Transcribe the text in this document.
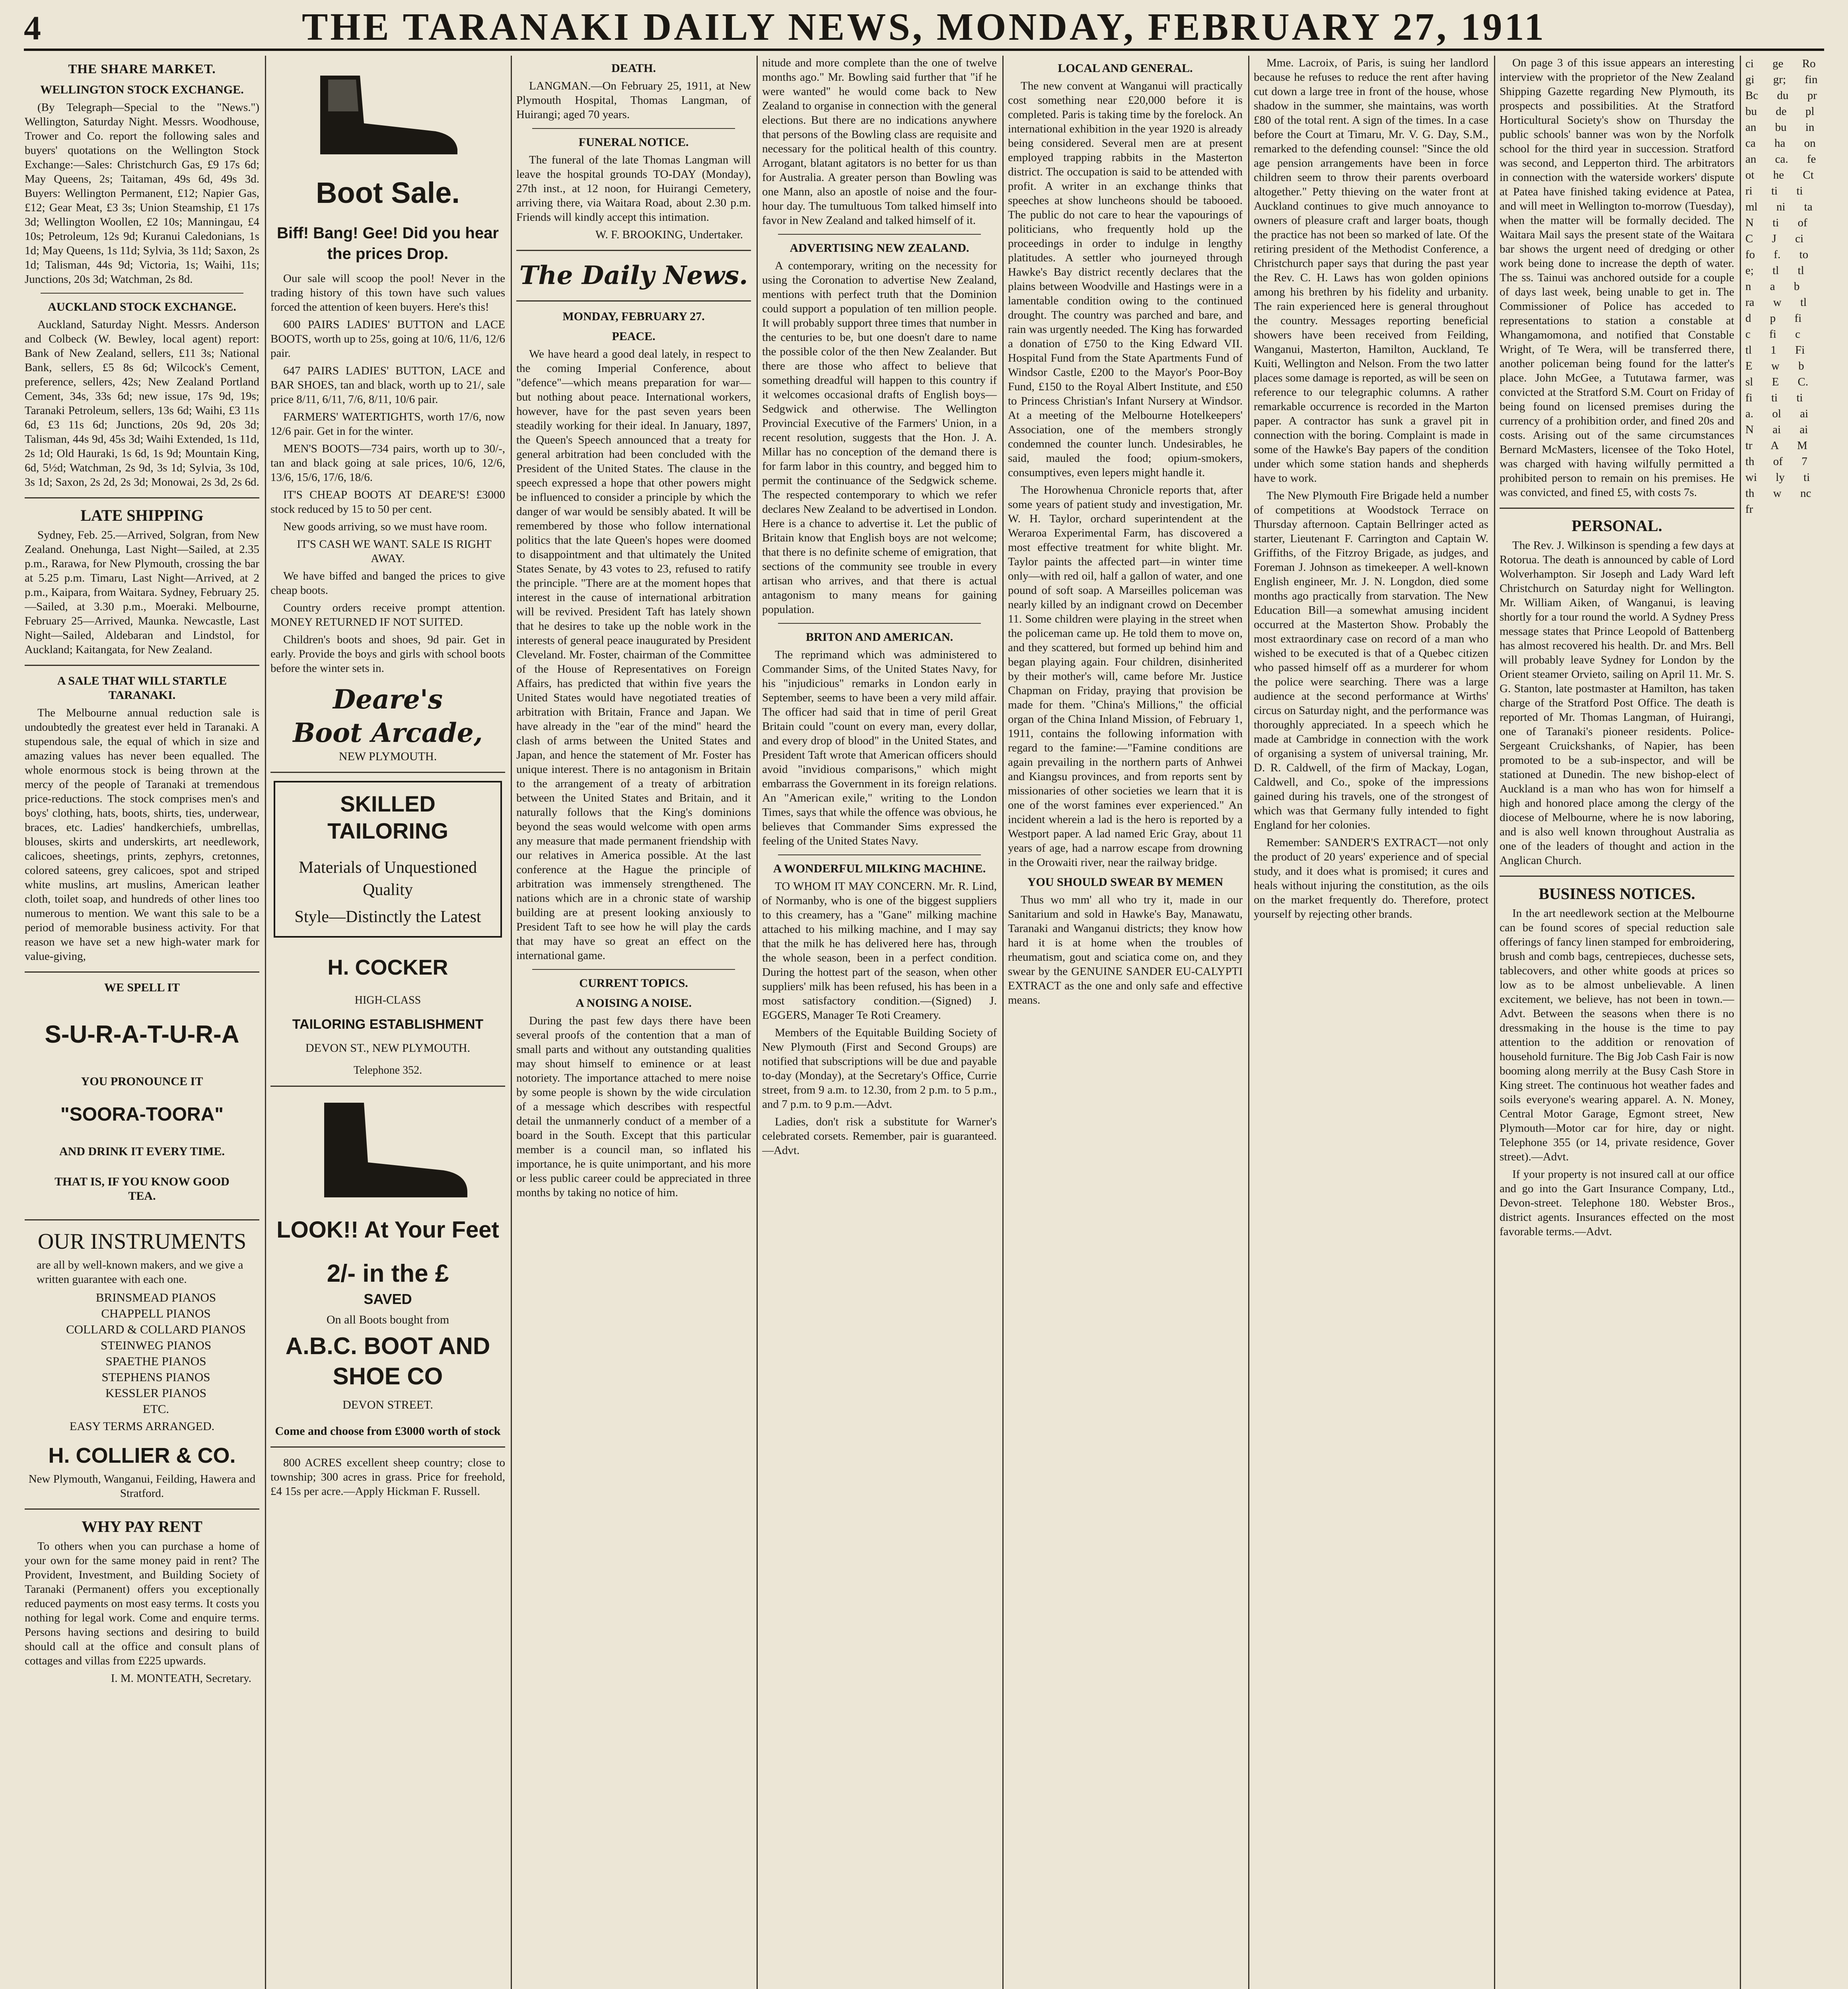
4	THE TARANAKI DAILY NEWS, MONDAY, FEBRUARY 27, 1911
THE SHARE MARKET.
WELLINGTON STOCK EXCHANGE.

(By Telegraph—Special to the "News.") Wellington, Saturday Night. Messrs. Woodhouse, Trower and Co. report the following sales and buyers' quotations on the Wellington Stock Exchange:—Sales: Christchurch Gas, £9 17s 6d; May Queens, 2s; Taitaman, 49s 6d, 49s 3d. Buyers: Wellington Permanent, £12; Napier Gas, £12; Gear Meat, £3 3s; Union Steamship, £1 17s 3d; Wellington Woollen, £2 10s; Manningau, £4 10s; Petroleum, 12s 9d; Kuranui Caledonians, 1s 1d; May Queens, 1s 11d; Sylvia, 3s 11d; Saxon, 2s 1d; Talisman, 44s 9d; Victoria, 1s; Waihi, 11s; Junctions, 20s 3d; Watchman, 2s 8d.

AUCKLAND STOCK EXCHANGE.

Auckland, Saturday Night. Messrs. Anderson and Colbeck (W. Bewley, local agent) report: Bank of New Zealand, sellers, £11 3s; National Bank, sellers, £5 8s 6d; Wilcock's Cement, preference, sellers, 42s; New Zealand Portland Cement, 34s, 33s 6d; new issue, 17s 9d, 19s; Taranaki Petroleum, sellers, 13s 6d; Waihi, £3 11s 6d, £3 11s 6d; Junctions, 20s 9d, 20s 3d; Talisman, 44s 9d, 45s 3d; Waihi Extended, 1s 11d, 2s 1d; Old Hauraki, 1s 6d, 1s 9d; Mountain King, 6d, 5½d; Watchman, 2s 9d, 3s 1d; Sylvia, 3s 10d, 3s 1d; Saxon, 2s 2d, 2s 3d; Monowai, 2s 3d, 2s 6d.

LATE SHIPPING

Sydney, Feb. 25.—Arrived, Solgran, from New Zealand. Onehunga, Last Night—Sailed, at 2.35 p.m., Rarawa, for New Plymouth, crossing the bar at 5.25 p.m. Timaru, Last Night—Arrived, at 2 p.m., Kaipara, from Waitara. Sydney, February 25.—Sailed, at 3.30 p.m., Moeraki. Melbourne, February 25—Arrived, Maunka. Newcastle, Last Night—Sailed, Aldebaran and Lindstol, for Auckland; Kaitangata, for New Zealand.

A SALE THAT WILL STARTLE TARANAKI.

The Melbourne annual reduction sale is undoubtedly the greatest ever held in Taranaki. A stupendous sale, the equal of which in size and amazing values has never been equalled. The whole enormous stock is being thrown at the mercy of the people of Taranaki at tremendous price-reductions. The stock comprises men's and boys' clothing, hats, boots, shirts, ties, underwear, braces, etc. Ladies' handkerchiefs, umbrellas, blouses, skirts and underskirts, art needlework, calicoes, sheetings, prints, zephyrs, cretonnes, colored sateens, grey calicoes, spot and striped white muslins, art muslins, American leather cloth, toilet soap, and hundreds of other lines too numerous to mention. We want this sale to be a period of memorable business activity. For that reason we have set a new high-water mark for value-giving,

WE SPELL IT
S-U-R-A-T-U-R-A
YOU PRONOUNCE IT
"SOORA-TOORA"
AND DRINK IT EVERY TIME.
THAT IS, IF YOU KNOW GOOD TEA.
OUR INSTRUMENTS

are all by well-known makers, and we give a written guarantee with each one.

BRINSMEAD PIANOS
CHAPPELL PIANOS
COLLARD & COLLARD PIANOS
STEINWEG PIANOS
SPAETHE PIANOS
STEPHENS PIANOS
KESSLER PIANOS
ETC.
EASY TERMS ARRANGED.
H. COLLIER & CO.
New Plymouth, Wanganui, Feilding, Hawera and Stratford.
WHY PAY RENT

To others when you can purchase a home of your own for the same money paid in rent? The Provident, Investment, and Building Society of Taranaki (Permanent) offers you exceptionally reduced payments on most easy terms. It costs you nothing for legal work. Come and enquire terms. Persons having sections and desiring to build should call at the office and consult plans of cottages and villas from £225 upwards.

I. M. MONTEATH, Secretary.
Boot Sale.
Biff! Bang! Gee! Did you hear the prices Drop.

Our sale will scoop the pool! Never in the trading history of this town have such values forced the attention of keen buyers. Here's this!

600 PAIRS LADIES' BUTTON and LACE BOOTS, worth up to 25s, going at 10/6, 11/6, 12/6 pair.

647 PAIRS LADIES' BUTTON, LACE and BAR SHOES, tan and black, worth up to 21/, sale price 8/11, 6/11, 7/6, 8/11, 10/6 pair.

FARMERS' WATERTIGHTS, worth 17/6, now 12/6 pair. Get in for the winter.

MEN'S BOOTS—734 pairs, worth up to 30/-, tan and black going at sale prices, 10/6, 12/6, 13/6, 15/6, 17/6, 18/6.

IT'S CHEAP BOOTS AT DEARE'S! £3000 stock reduced by 15 to 50 per cent.

New goods arriving, so we must have room.

IT'S CASH WE WANT. SALE IS RIGHT AWAY.

We have biffed and banged the prices to give cheap boots.

Country orders receive prompt attention. MONEY RETURNED IF NOT SUITED.

Children's boots and shoes, 9d pair. Get in early. Provide the boys and girls with school boots before the winter sets in.

Deare's
Boot Arcade,
NEW PLYMOUTH.
SKILLED TAILORING
Materials of Unquestioned Quality
Style—Distinctly the Latest
H. COCKER
HIGH-CLASS
TAILORING ESTABLISHMENT
DEVON ST., NEW PLYMOUTH.
Telephone 352.
LOOK!! At Your Feet
2/- in the £
SAVED
On all Boots bought from
A.B.C. BOOT AND SHOE CO
DEVON STREET.
Come and choose from £3000 worth of stock

800 ACRES excellent sheep country; close to township; 300 acres in grass. Price for freehold, £4 15s per acre.—Apply Hickman F. Russell.

DEATH.

LANGMAN.—On February 25, 1911, at New Plymouth Hospital, Thomas Langman, of Huirangi; aged 70 years.

FUNERAL NOTICE.

The funeral of the late Thomas Langman will leave the hospital grounds TO-DAY (Monday), 27th inst., at 12 noon, for Huirangi Cemetery, arriving there, via Waitara Road, about 2.30 p.m. Friends will kindly accept this intimation.

W. F. BROOKING, Undertaker.
The Daily News.
MONDAY, FEBRUARY 27.
PEACE.

We have heard a good deal lately, in respect to the coming Imperial Conference, about "defence"—which means preparation for war—but nothing about peace. International workers, however, have for the past seven years been steadily working for their ideal. In January, 1897, the Queen's Speech announced that a treaty for general arbitration had been concluded with the President of the United States. The clause in the speech expressed a hope that other powers might be influenced to consider a principle by which the danger of war would be sensibly abated. It will be remembered by those who follow international politics that the late Queen's hopes were doomed to disappointment and that ultimately the United States Senate, by 43 votes to 23, refused to ratify the principle. "There are at the moment hopes that interest in the cause of international arbitration will be revived. President Taft has lately shown that he desires to take up the noble work in the interests of general peace inaugurated by President Cleveland. Mr. Foster, chairman of the Committee of the House of Representatives on Foreign Affairs, has predicted that within five years the United States would have negotiated treaties of arbitration with Britain, France and Japan. We have already in the "ear of the mind" heard the clash of arms between the United States and Japan, and hence the statement of Mr. Foster has unique interest. There is no antagonism in Britain to the arrangement of a treaty of arbitration between the United States and Britain, and it naturally follows that the King's dominions beyond the seas would welcome with open arms any measure that made permanent friendship with our relatives in America possible. At the last conference at the Hague the principle of arbitration was immensely strengthened. The nations which are in a chronic state of warship building are at present looking anxiously to President Taft to see how he will play the cards that may have so great an effect on the international game.

CURRENT TOPICS.
A NOISING A NOISE.

During the past few days there have been several proofs of the contention that a man of small parts and without any outstanding qualities may shout himself to eminence or at least notoriety. The importance attached to mere noise by some people is shown by the wide circulation of a message which describes with respectful detail the unmannerly conduct of a member of a board in the South. Except that this particular member is a council man, so inflated his importance, he is quite unimportant, and his more or less public career could be appreciated in three months by taking no notice of him.

nitude and more complete than the one of twelve months ago." Mr. Bowling said further that "if he were wanted" he would come back to New Zealand to organise in connection with the general elections. But there are no indications anywhere that persons of the Bowling class are requisite and necessary for the political health of this country. Arrogant, blatant agitators is no better for us than for Australia. A greater person than Bowling was one Mann, also an apostle of noise and the four-hour day. The tumultuous Tom talked himself into favor in New Zealand and talked himself of it.

ADVERTISING NEW ZEALAND.

A contemporary, writing on the necessity for using the Coronation to advertise New Zealand, mentions with perfect truth that the Dominion could support a population of ten million people. It will probably support three times that number in the centuries to be, but one doesn't dare to name the possible color of the then New Zealander. But there are those who affect to believe that something dreadful will happen to this country if it welcomes occasional drafts of English boys—Sedgwick and otherwise. The Wellington Provincial Executive of the Farmers' Union, in a recent resolution, suggests that the Hon. J. A. Millar has no conception of the demand there is for farm labor in this country, and begged him to permit the continuance of the Sedgwick scheme. The respected contemporary to which we refer declares New Zealand to be advertised in London. Here is a chance to advertise it. Let the public of Britain know that English boys are not welcome; that there is no definite scheme of emigration, that sections of the community see trouble in every artisan who arrives, and that there is actual antagonism to many means for gaining population.

BRITON AND AMERICAN.

The reprimand which was administered to Commander Sims, of the United States Navy, for his "injudicious" remarks in London early in September, seems to have been a very mild affair. The officer had said that in time of peril Great Britain could "count on every man, every dollar, and every drop of blood" in the United States, and President Taft wrote that American officers should avoid "invidious comparisons," which might embarrass the Government in its foreign relations. An "American exile," writing to the London Times, says that while the offence was obvious, he believes that Commander Sims expressed the feeling of the United States Navy.

A WONDERFUL MILKING MACHINE.

TO WHOM IT MAY CONCERN. Mr. R. Lind, of Normanby, who is one of the biggest suppliers to this creamery, has a "Gane" milking machine attached to his milking machine, and I may say that the milk he has delivered here has, through the whole season, been in a perfect condition. During the hottest part of the season, when other suppliers' milk has been refused, his has been in a most satisfactory condition.—(Signed) J. EGGERS, Manager Te Roti Creamery.

Members of the Equitable Building Society of New Plymouth (First and Second Groups) are notified that subscriptions will be due and payable to-day (Monday), at the Secretary's Office, Currie street, from 9 a.m. to 12.30, from 2 p.m. to 5 p.m., and 7 p.m. to 9 p.m.—Advt.

Ladies, don't risk a substitute for Warner's celebrated corsets. Remember, pair is guaranteed.—Advt.

LOCAL AND GENERAL.

The new convent at Wanganui will practically cost something near £20,000 before it is completed. Paris is taking time by the forelock. An international exhibition in the year 1920 is already being considered. Several men are at present employed trapping rabbits in the Masterton district. The occupation is said to be attended with profit. A writer in an exchange thinks that speeches at show luncheons should be tabooed. The public do not care to hear the vapourings of politicians, who frequently hold up the proceedings in order to indulge in lengthy platitudes. A settler who journeyed through Hawke's Bay district recently declares that the plains between Woodville and Hastings were in a lamentable condition owing to the continued drought. The country was parched and bare, and rain was urgently needed. The King has forwarded a donation of £750 to the King Edward VII. Hospital Fund from the State Apartments Fund of Windsor Castle, £200 to the Mayor's Poor-Boy Fund, £150 to the Royal Albert Institute, and £50 to Princess Christian's Infant Nursery at Windsor. At a meeting of the Melbourne Hotelkeepers' Association, one of the members strongly condemned the counter lunch. Undesirables, he said, mauled the food; opium-smokers, consumptives, even lepers might handle it.

The Horowhenua Chronicle reports that, after some years of patient study and investigation, Mr. W. H. Taylor, orchard superintendent at the Weraroa Experimental Farm, has discovered a most effective treatment for white blight. Mr. Taylor paints the affected part—in winter time only—with red oil, half a gallon of water, and one pound of soft soap. A Marseilles policeman was nearly killed by an indignant crowd on December 11. Some children were playing in the street when the policeman came up. He told them to move on, and they scattered, but formed up behind him and began playing again. Four children, disinherited by their mother's will, came before Mr. Justice Chapman on Friday, praying that provision be made for them. "China's Millions," the official organ of the China Inland Mission, of February 1, 1911, contains the following information with regard to the famine:—"Famine conditions are again prevailing in the northern parts of Anhwei and Kiangsu provinces, and from reports sent by missionaries of other societies we learn that it is one of the worst famines ever experienced." An incident wherein a lad is the hero is reported by a Westport paper. A lad named Eric Gray, about 11 years of age, had a narrow escape from drowning in the Orowaiti river, near the railway bridge.

YOU SHOULD SWEAR BY MEMEN

Thus wo mm' all who try it, made in our Sanitarium and sold in Hawke's Bay, Manawatu, Taranaki and Wanganui districts; they know how hard it is at home when the troubles of rheumatism, gout and sciatica come on, and they swear by the GENUINE SANDER EU-CALYPTI EXTRACT as the one and only safe and effective means.

Mme. Lacroix, of Paris, is suing her landlord because he refuses to reduce the rent after having cut down a large tree in front of the house, whose shadow in the summer, she maintains, was worth £80 of the total rent. A sign of the times. In a case before the Court at Timaru, Mr. V. G. Day, S.M., remarked to the defending counsel: "Since the old age pension arrangements have been in force children seem to throw their parents overboard altogether." Petty thieving on the water front at Auckland continues to give much annoyance to owners of pleasure craft and larger boats, though the practice has not been so marked of late. Of the retiring president of the Methodist Conference, a Christchurch paper says that during the past year the Rev. C. H. Laws has won golden opinions among his brethren by his fidelity and urbanity. The rain experienced here is general throughout the country. Messages reporting beneficial showers have been received from Feilding, Wanganui, Masterton, Hamilton, Auckland, Te Kuiti, Wellington and Nelson. From the two latter places some damage is reported, as will be seen on reference to our telegraphic columns. A rather remarkable occurrence is recorded in the Marton paper. A contractor has sunk a gravel pit in connection with the boring. Complaint is made in some of the Hawke's Bay papers of the condition under which some station hands and shepherds have to work.

The New Plymouth Fire Brigade held a number of competitions at Woodstock Terrace on Thursday afternoon. Captain Bellringer acted as starter, Lieutenant F. Carrington and Captain W. Griffiths, of the Fitzroy Brigade, as judges, and Foreman J. Johnson as timekeeper. A well-known English engineer, Mr. J. N. Longdon, died some months ago practically from starvation. The New Education Bill—a somewhat amusing incident occurred at the Masterton Show. Probably the most extraordinary case on record of a man who wished to be executed is that of a Quebec citizen who passed himself off as a murderer for whom the police were searching. There was a large audience at the second performance at Wirths' circus on Saturday night, and the performance was thoroughly appreciated. In a speech which he made at Cambridge in connection with the work of organising a system of universal training, Mr. D. R. Caldwell, of the firm of Mackay, Logan, Caldwell, and Co., spoke of the impressions gained during his travels, one of the strongest of which was that Germany fully intended to fight England for her colonies.

Remember: SANDER'S EXTRACT—not only the product of 20 years' experience and of special study, and it does what is promised; it cures and heals without injuring the constitution, as the oils on the market frequently do. Therefore, protect yourself by rejecting other brands.

On page 3 of this issue appears an interesting interview with the proprietor of the New Zealand Shipping Gazette regarding New Plymouth, its prospects and possibilities. At the Stratford Horticultural Society's show on Thursday the public schools' banner was won by the Norfolk school for the third year in succession. Stratford was second, and Lepperton third. The arbitrators in connection with the waterside workers' dispute at Patea have finished taking evidence at Patea, and will meet in Wellington to-morrow (Tuesday), when the matter will be formally decided. The Waitara Mail says the present state of the Waitara bar shows the urgent need of dredging or other work being done to increase the depth of water. The ss. Tainui was anchored outside for a couple of days last week, being unable to get in. The Commissioner of Police has acceded to representations to station a constable at Whangamomona, and notified that Constable Wright, of Te Wera, will be transferred there, another policeman being found for the latter's place. John McGee, a Tututawa farmer, was convicted at the Stratford S.M. Court on Friday of being found on licensed premises during the currency of a prohibition order, and fined 20s and costs. Arising out of the same circumstances Bernard McMasters, licensee of the Toko Hotel, was charged with having wilfully permitted a prohibited person to remain on his premises. He was convicted, and fined £5, with costs 7s.

PERSONAL.

The Rev. J. Wilkinson is spending a few days at Rotorua. The death is announced by cable of Lord Wolverhampton. Sir Joseph and Lady Ward left Christchurch on Saturday night for Wellington. Mr. William Aiken, of Wanganui, is leaving shortly for a tour round the world. A Sydney Press message states that Prince Leopold of Battenberg has almost recovered his health. Dr. and Mrs. Bell will probably leave Sydney for London by the Orient steamer Orvieto, sailing on April 11. Mr. S. G. Stanton, late postmaster at Hamilton, has taken charge of the Stratford Post Office. The death is reported of Mr. Thomas Langman, of Huirangi, one of Taranaki's pioneer residents. Police-Sergeant Cruickshanks, of Napier, has been promoted to be a sub-inspector, and will be stationed at Dunedin. The new bishop-elect of Auckland is a man who has won for himself a high and honored place among the clergy of the diocese of Melbourne, where he is now laboring, and is also well known throughout Australia as one of the leaders of thought and action in the Anglican Church.

BUSINESS NOTICES.

In the art needlework section at the Melbourne can be found scores of special reduction sale offerings of fancy linen stamped for embroidering, brush and comb bags, centrepieces, duchesse sets, tablecovers, and other white goods at prices so low as to be almost unbelievable. A linen excitement, we believe, has not been in town.—Advt. Between the seasons when there is no dressmaking in the house is the time to pay attention to the addition or renovation of household furniture. The Big Job Cash Fair is now booming along merrily at the Busy Cash Store in King street. The continuous hot weather fades and soils everyone's wearing apparel. A. N. Money, Central Motor Garage, Egmont street, New Plymouth—Motor car for hire, day or night. Telephone 355 (or 14, private residence, Gover street).—Advt.

If your property is not insured call at our office and go into the Gart Insurance Company, Ltd., Devon-street. Telephone 180. Webster Bros., district agents. Insurances effected on the most favorable terms.—Advt.

ci ge Ro gi gr; fin Bc du pr bu de pl an bu in ca ha on an ca. fe ot he Ct ri ti ti ml ni ta N ti of C J ci fo f. to e; tl tl n a b ra w tl d p fi c fi c tl 1 Fi E w b sl E C. fi ti ti a. ol ai N ai ai tr A M th of 7 wi ly ti th w nc fr
